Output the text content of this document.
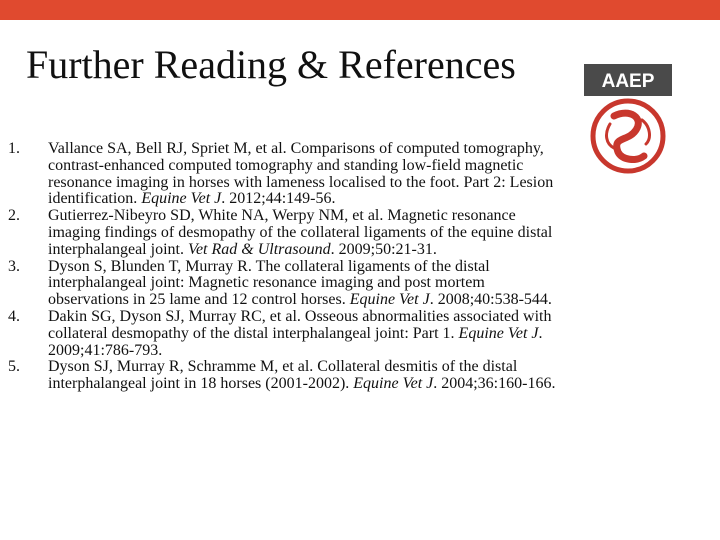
Further Reading & References	AAEP
1. Vallance SA, Bell RJ, Spriet M, et al. Comparisons of computed tomography, contrast-enhanced computed tomography and standing low-field magnetic resonance imaging in horses with lameness localised to the foot. Part 2: Lesion identification. Equine Vet J. 2012;44:149-56.
2. Gutierrez-Nibeyro SD, White NA, Werpy NM, et al. Magnetic resonance imaging findings of desmopathy of the collateral ligaments of the equine distal interphalangeal joint. Vet Rad & Ultrasound. 2009;50:21-31.
3. Dyson S, Blunden T, Murray R. The collateral ligaments of the distal interphalangeal joint: Magnetic resonance imaging and post mortem observations in 25 lame and 12 control horses. Equine Vet J. 2008;40:538-544.
4. Dakin SG, Dyson SJ, Murray RC, et al. Osseous abnormalities associated with collateral desmopathy of the distal interphalangeal joint: Part 1. Equine Vet J. 2009;41:786-793.
5. Dyson SJ, Murray R, Schramme M, et al. Collateral desmitis of the distal interphalangeal joint in 18 horses (2001-2002). Equine Vet J. 2004;36:160-166.
